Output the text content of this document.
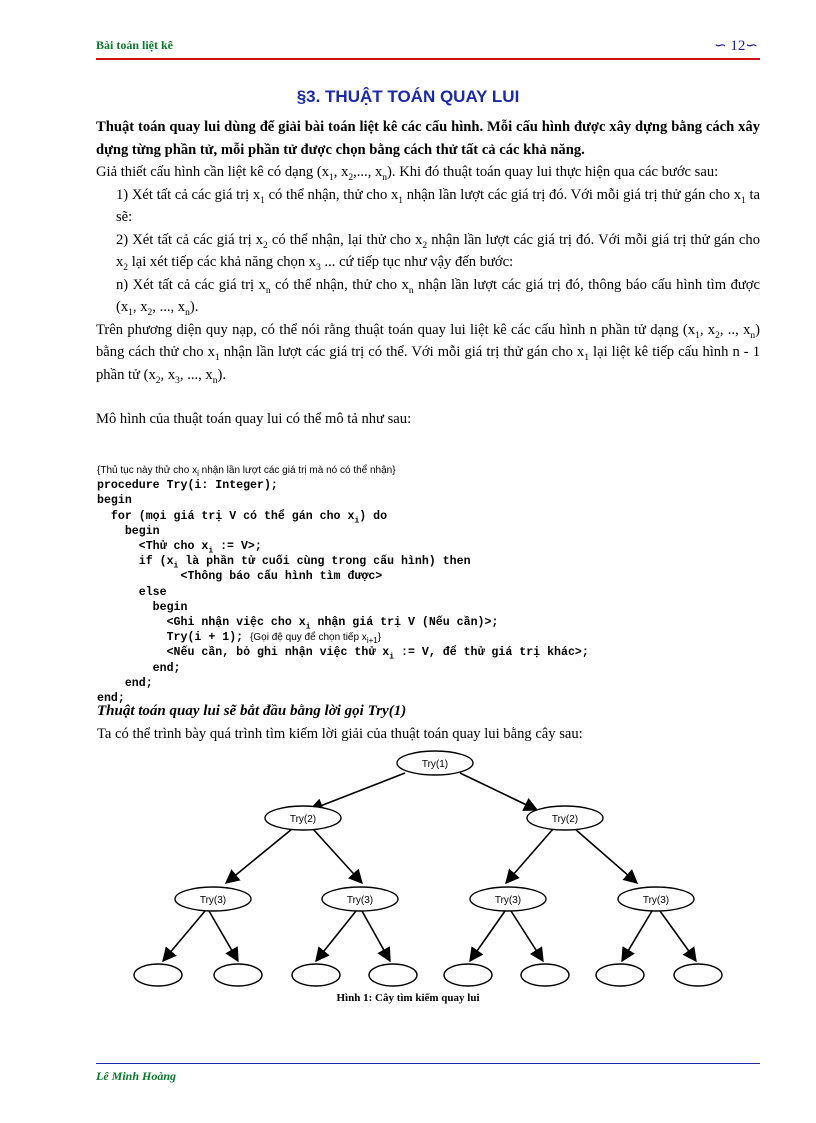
Bài toán liệt kê	∽ 12∽
§3. THUẬT TOÁN QUAY LUI

Thuật toán quay lui dùng để giải bài toán liệt kê các cấu hình. Mỗi cấu hình được xây dựng bằng cách xây dựng từng phần tử, mỗi phần tử được chọn bằng cách thử tất cả các khả năng.

Giả thiết cấu hình cần liệt kê có dạng ($x_1$, $x_2$,..., $x_n$). Khi đó thuật toán quay lui thực hiện qua các bước sau:

1) Xét tất cả các giá trị $x_1$ có thể nhận, thử cho $x_1$ nhận lần lượt các giá trị đó. Với mỗi giá trị thử gán cho $x_1$ ta sẽ:

2) Xét tất cả các giá trị $x_2$ có thể nhận, lại thử cho $x_2$ nhận lần lượt các giá trị đó. Với mỗi giá trị thử gán cho $x_2$ lại xét tiếp các khả năng chọn $x_3$ ... cứ tiếp tục như vậy đến bước:

n) Xét tất cả các giá trị $x_n$ có thể nhận, thử cho $x_n$ nhận lần lượt các giá trị đó, thông báo cấu hình tìm được ($x_1$, $x_2$, ..., $x_n$).

Trên phương diện quy nạp, có thể nói rằng thuật toán quay lui liệt kê các cấu hình n phần tử dạng ($x_1$, $x_2$, .., $x_n$) bằng cách thử cho $x_1$ nhận lần lượt các giá trị có thể. Với mỗi giá trị thử gán cho $x_1$ lại liệt kê tiếp cấu hình n - 1 phần tử ($x_2$, $x_3$, ..., $x_n$).

Mô hình của thuật toán quay lui có thể mô tả như sau:

{Thủ tục này thử cho $x_i$ nhận lần lượt các giá trị mà nó có thể nhận}
procedure Try(i: Integer);
begin
for (mọi giá trị V có thể gán cho $x_i$) do
begin
<Thử cho $x_i$ := V>;
if ($x_i$ là phần tử cuối cùng trong cấu hình) then
<Thông báo cấu hình tìm được>
else
begin
<Ghi nhận việc cho $x_i$ nhận giá trị V (Nếu cần)>;
Try(i + 1); {Gọi đệ quy để chọn tiếp $x_{i+1}$}
<Nếu cần, bỏ ghi nhận việc thử $x_i$ := V, để thử giá trị khác>;
end;
end;
end;
Thuật toán quay lui sẽ bắt đầu bằng lời gọi Try(1)
Ta có thể trình bày quá trình tìm kiếm lời giải của thuật toán quay lui bằng cây sau:
Try(1)
Try(2)	Try(2)
Try(3)	Try(3)	Try(3)	Try(3)
Hình 1: Cây tìm kiếm quay lui
Lê Minh Hoàng
